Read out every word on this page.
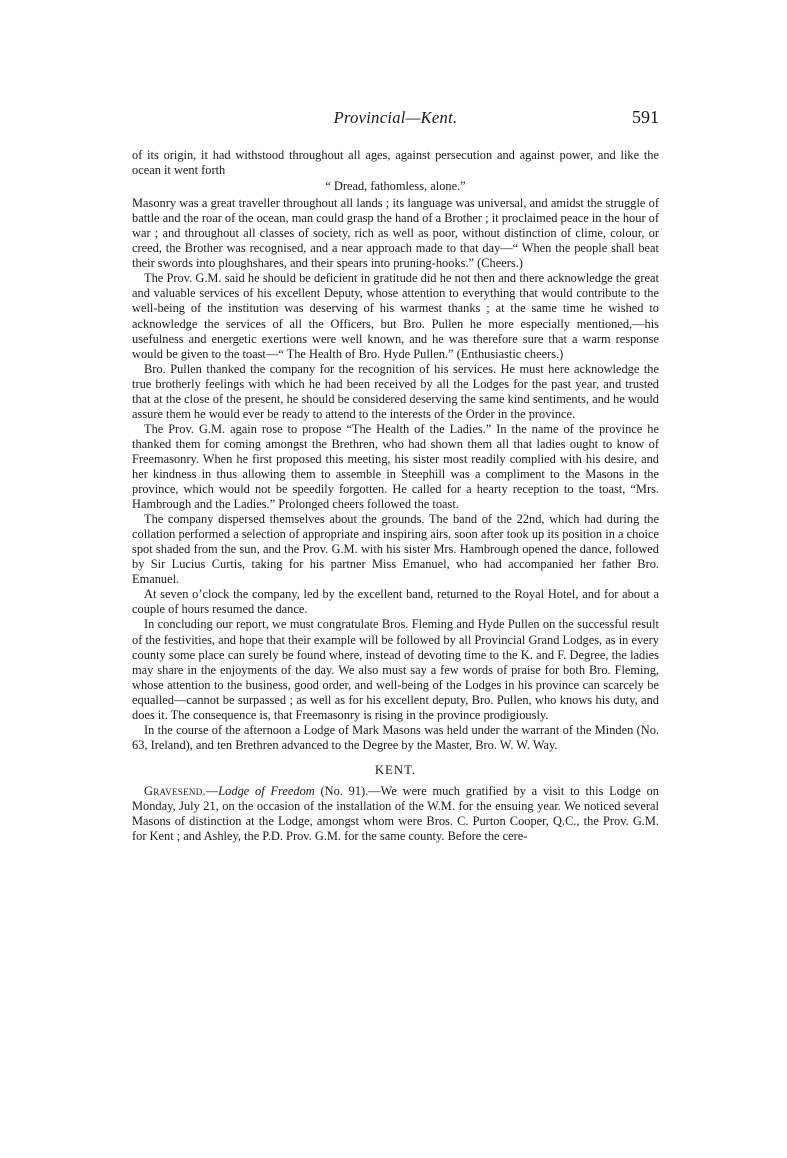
Provincial—Kent.	591

of its origin, it had withstood throughout all ages, against persecution and against power, and like the ocean it went forth

“ Dread, fathomless, alone.”

Masonry was a great traveller throughout all lands ; its language was universal, and amidst the struggle of battle and the roar of the ocean, man could grasp the hand of a Brother ; it proclaimed peace in the hour of war ; and throughout all classes of society, rich as well as poor, without distinction of clime, colour, or creed, the Brother was recognised, and a near approach made to that day—“ When the people shall beat their swords into ploughshares, and their spears into pruning-hooks.” (Cheers.)

The Prov. G.M. said he should be deficient in gratitude did he not then and there acknowledge the great and valuable services of his excellent Deputy, whose attention to everything that would contribute to the well-being of the institution was deserving of his warmest thanks ; at the same time he wished to acknowledge the services of all the Officers, but Bro. Pullen he more especially mentioned,—his usefulness and energetic exertions were well known, and he was therefore sure that a warm response would be given to the toast—“ The Health of Bro. Hyde Pullen.” (Enthusiastic cheers.)

Bro. Pullen thanked the company for the recognition of his services. He must here acknowledge the true brotherly feelings with which he had been received by all the Lodges for the past year, and trusted that at the close of the present, he should be considered deserving the same kind sentiments, and he would assure them he would ever be ready to attend to the interests of the Order in the province.

The Prov. G.M. again rose to propose “The Health of the Ladies.” In the name of the province he thanked them for coming amongst the Brethren, who had shown them all that ladies ought to know of Freemasonry. When he first proposed this meeting, his sister most readily complied with his desire, and her kindness in thus allowing them to assemble in Steephill was a compliment to the Masons in the province, which would not be speedily forgotten. He called for a hearty reception to the toast, “Mrs. Hambrough and the Ladies.” Prolonged cheers followed the toast.

The company dispersed themselves about the grounds. The band of the 22nd, which had during the collation performed a selection of appropriate and inspiring airs, soon after took up its position in a choice spot shaded from the sun, and the Prov. G.M. with his sister Mrs. Hambrough opened the dance, followed by Sir Lucius Curtis, taking for his partner Miss Emanuel, who had accompanied her father Bro. Emanuel.

At seven o’clock the company, led by the excellent band, returned to the Royal Hotel, and for about a couple of hours resumed the dance.

In concluding our report, we must congratulate Bros. Fleming and Hyde Pullen on the successful result of the festivities, and hope that their example will be followed by all Provincial Grand Lodges, as in every county some place can surely be found where, instead of devoting time to the K. and F. Degree, the ladies may share in the enjoyments of the day. We also must say a few words of praise for both Bro. Fleming, whose attention to the business, good order, and well-being of the Lodges in his province can scarcely be equalled—cannot be surpassed ; as well as for his excellent deputy, Bro. Pullen, who knows his duty, and does it. The consequence is, that Freemasonry is rising in the province prodigiously.

In the course of the afternoon a Lodge of Mark Masons was held under the warrant of the Minden (No. 63, Ireland), and ten Brethren advanced to the Degree by the Master, Bro. W. W. Way.

KENT.

Gravesend.—Lodge of Freedom (No. 91).—We were much gratified by a visit to this Lodge on Monday, July 21, on the occasion of the installation of the W.M. for the ensuing year. We noticed several Masons of distinction at the Lodge, amongst whom were Bros. C. Purton Cooper, Q.C., the Prov. G.M. for Kent ; and Ashley, the P.D. Prov. G.M. for the same county. Before the cere-
